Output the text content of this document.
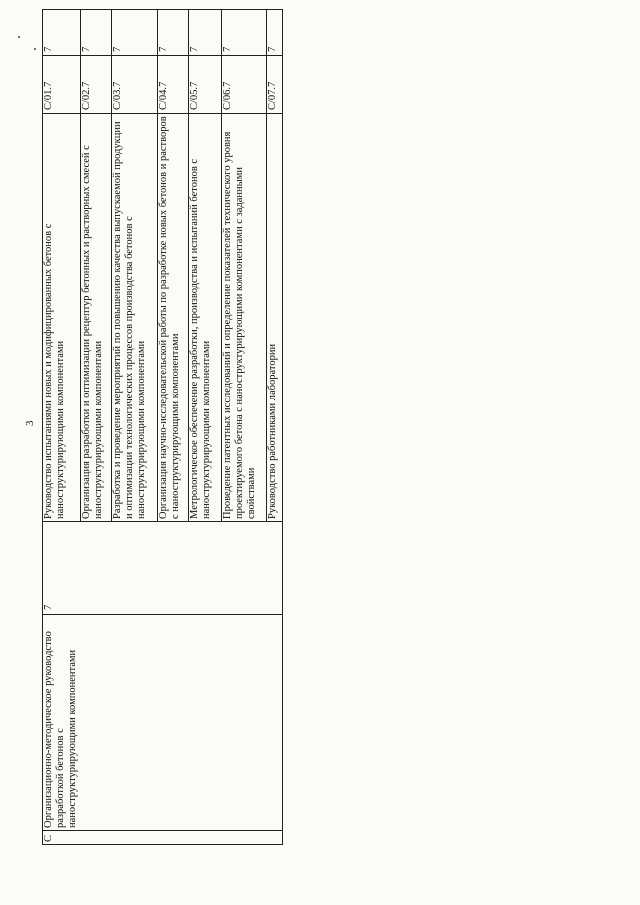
3
C	Организационно-методическое руководство разработкой бетонов с наноструктурирующими компонентами	7	Руководство испытаниями новых и модифицированных бетонов с наноструктурирующими компонентами	C/01.7	7

			Организация разработки и оптимизации рецептур бетонных и растворных смесей с наноструктурирующими компонентами	C/02.7	7

			Разработка и проведение мероприятий по повышению качества выпускаемой продукции и оптимизации технологических процессов производства бетонов с наноструктурирующими компонентами	C/03.7	7

			Организация научно-исследовательской работы по разработке новых бетонов и растворов с наноструктурирующими компонентами	C/04.7	7

			Метрологическое обеспечение разработки, производства и испытаний бетонов с наноструктурирующими компонентами	C/05.7	7

			Проведение патентных исследований и определение показателей технического уровня проектируемого бетона с наноструктурирующими компонентами с заданными свойствами	C/06.7	7

			Руководство работниками лаборатории	C/07.7	7
